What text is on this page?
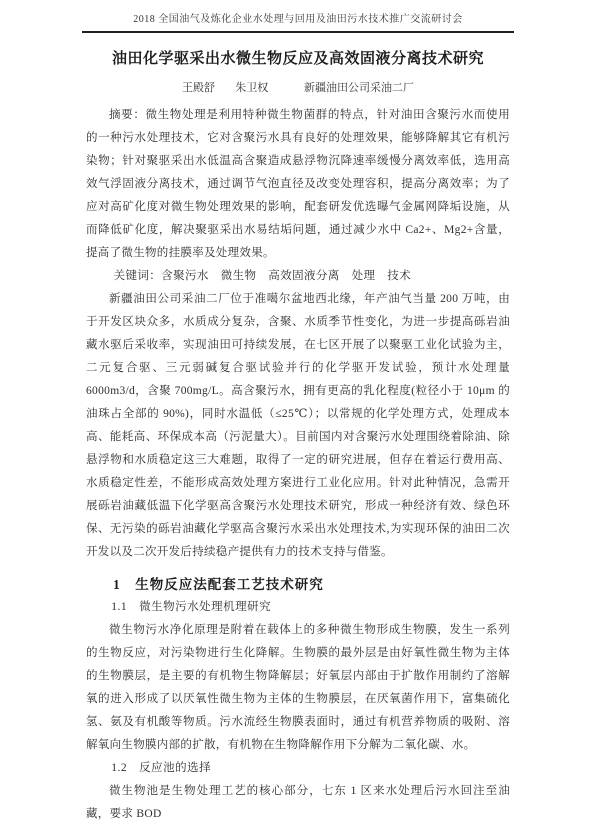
2018 全国油气及炼化企业水处理与回用及油田污水技术推广交流研讨会
油田化学驱采出水微生物反应及高效固液分离技术研究
王殿舒 朱卫权	新疆油田公司采油二厂

摘要：微生物处理是利用特种微生物菌群的特点，针对油田含聚污水而使用的一种污水处理技术，它对含聚污水具有良好的处理效果，能够降解其它有机污染物；针对聚驱采出水低温高含聚造成悬浮物沉降速率缓慢分离效率低，选用高效气浮固液分离技术，通过调节气泡直径及改变处理容积，提高分离效率；为了应对高矿化度对微生物处理效果的影响，配套研发优选曝气金属网降垢设施，从而降低矿化度，解决聚驱采出水易结垢问题，通过减少水中 Ca2+、Mg2+含量，提高了微生物的挂膜率及处理效果。

关键词：含聚污水　微生物　高效固液分离　处理　技术

新疆油田公司采油二厂位于准噶尔盆地西北缘，年产油气当量 200 万吨，由于开发区块众多，水质成分复杂，含聚、水质季节性变化，为进一步提高砾岩油藏水驱后采收率，实现油田可持续发展，在七区开展了以聚驱工业化试验为主，二元复合驱、三元弱碱复合驱试验并行的化学驱开发试验，预计水处理量 6000m3/d，含聚 700mg/L。高含聚污水，拥有更高的乳化程度(粒径小于 10μm 的油珠占全部的 90%)，同时水温低（≤25℃）；以常规的化学处理方式，处理成本高、能耗高、环保成本高（污泥量大）。目前国内对含聚污水处理围绕着除油、除悬浮物和水质稳定这三大难题，取得了一定的研究进展，但存在着运行费用高、水质稳定性差，不能形成高效处理方案进行工业化应用。针对此种情况，急需开展砾岩油藏低温下化学驱高含聚污水处理技术研究，形成一种经济有效、绿色环保、无污染的砾岩油藏化学驱高含聚污水采出水处理技术,为实现环保的油田二次开发以及二次开发后持续稳产提供有力的技术支持与借鉴。

1　生物反应法配套工艺技术研究
1.1　微生物污水处理机理研究

微生物污水净化原理是附着在载体上的多种微生物形成生物膜，发生一系列的生物反应，对污染物进行生化降解。生物膜的最外层是由好氧性微生物为主体的生物膜层，是主要的有机物生物降解层；好氧层内部由于扩散作用制约了溶解氧的进入形成了以厌氧性微生物为主体的生物膜层，在厌氧菌作用下，富集硫化氢、氨及有机酸等物质。污水流经生物膜表面时，通过有机营养物质的吸附、溶解氧向生物膜内部的扩散，有机物在生物降解作用下分解为二氧化碳、水。

1.2　反应池的选择

微生物池是生物处理工艺的核心部分，七东 1 区来水处理后污水回注至油藏，要求 BOD
